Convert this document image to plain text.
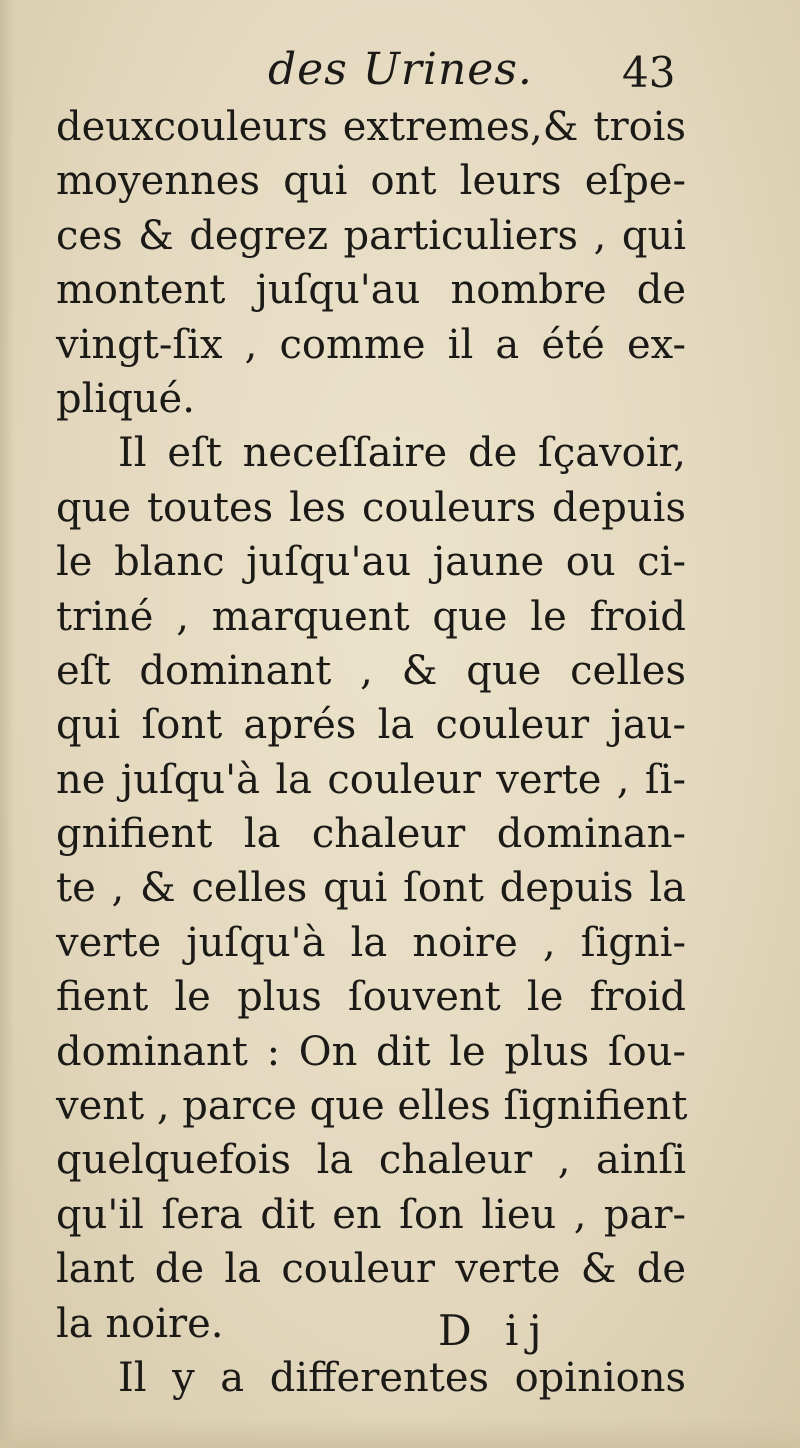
des Urines. 43
deuxcouleurs extremes,& trois
moyennes qui ont leurs eſpe-
ces & degrez particuliers , qui
montent juſqu'au nombre de
vingt-ſix , comme il a été ex-
pliqué.
Il eſt neceſſaire de ſçavoir,
que toutes les couleurs depuis
le blanc juſqu'au jaune ou ci-
triné , marquent que le froid
eſt dominant , & que celles
qui ſont aprés la couleur jau-
ne juſqu'à la couleur verte , ſi-
gnifient la chaleur dominan-
te , & celles qui ſont depuis la
verte juſqu'à la noire , ſigni-
fient le plus ſouvent le froid
dominant : On dit le plus ſou-
vent , parce que elles ſignifient
quelquefois la chaleur , ainſi
qu'il ſera dit en ſon lieu , par-
lant de la couleur verte & de
la noire.
Il y a differentes opinions
D ij
